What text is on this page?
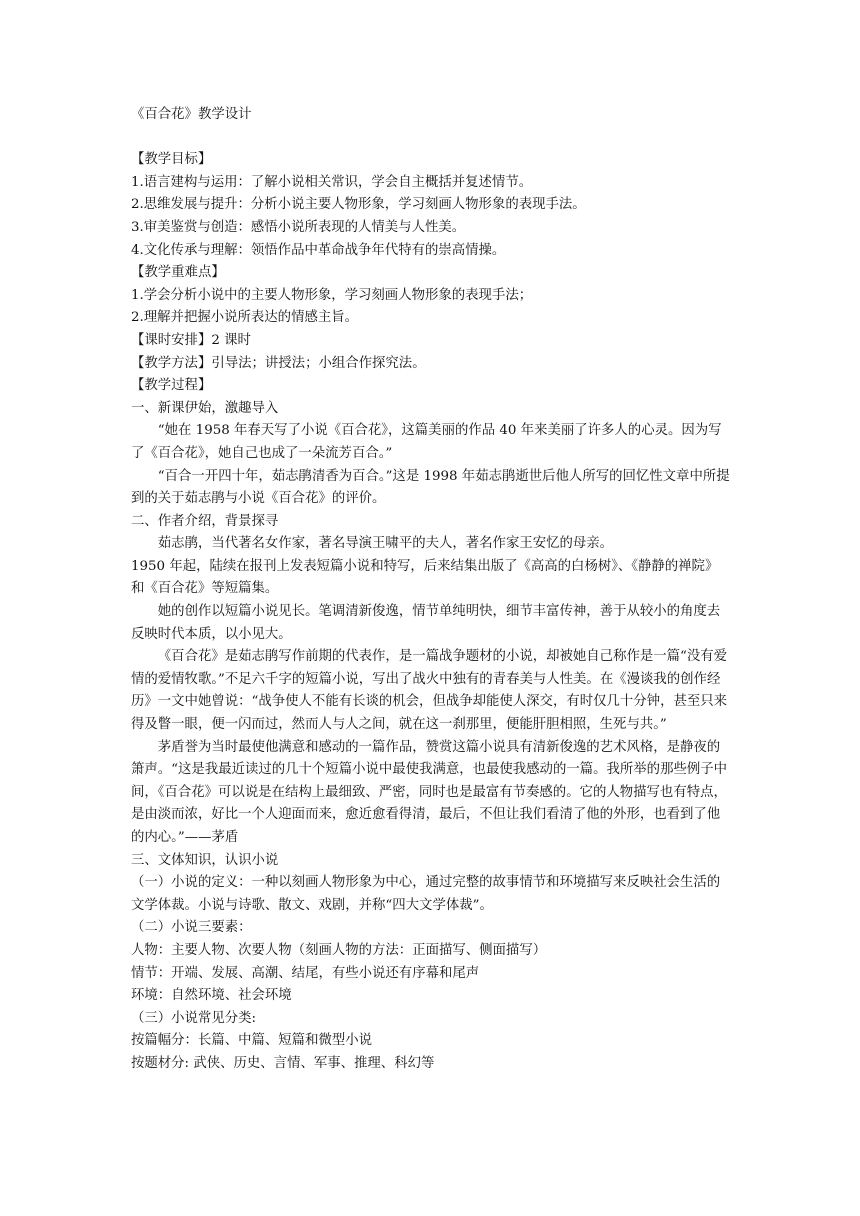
《百合花》教学设计

【教学目标】

1.语言建构与运用：了解小说相关常识，学会自主概括并复述情节。

2.思维发展与提升：分析小说主要人物形象，学习刻画人物形象的表现手法。

3.审美鉴赏与创造：感悟小说所表现的人情美与人性美。

4.文化传承与理解：领悟作品中革命战争年代特有的崇高情操。

【教学重难点】

1.学会分析小说中的主要人物形象，学习刻画人物形象的表现手法；

2.理解并把握小说所表达的情感主旨。

【课时安排】2 课时

【教学方法】引导法；讲授法；小组合作探究法。

【教学过程】

一、新课伊始，激趣导入

“她在 1958 年春天写了小说《百合花》，这篇美丽的作品 40 年来美丽了许多人的心灵。因为写了《百合花》，她自己也成了一朵流芳百合。”

“百合一开四十年，茹志鹃清香为百合。”这是 1998 年茹志鹃逝世后他人所写的回忆性文章中所提到的关于茹志鹃与小说《百合花》的评价。

二、作者介绍，背景探寻

茹志鹃，当代著名女作家，著名导演王啸平的夫人，著名作家王安忆的母亲。

1950 年起，陆续在报刊上发表短篇小说和特写，后来结集出版了《高高的白杨树》、《静静的禅院》和《百合花》等短篇集。

她的创作以短篇小说见长。笔调清新俊逸，情节单纯明快，细节丰富传神，善于从较小的角度去反映时代本质，以小见大。

《百合花》是茹志鹃写作前期的代表作，是一篇战争题材的小说，却被她自己称作是一篇“没有爱情的爱情牧歌。”不足六千字的短篇小说，写出了战火中独有的青春美与人性美。在《漫谈我的创作经历》一文中她曾说：“战争使人不能有长谈的机会，但战争却能使人深交，有时仅几十分钟，甚至只来得及瞥一眼，便一闪而过，然而人与人之间，就在这一刹那里，便能肝胆相照，生死与共。”

茅盾誉为当时最使他满意和感动的一篇作品，赞赏这篇小说具有清新俊逸的艺术风格，是静夜的箫声。“这是我最近读过的几十个短篇小说中最使我满意，也最使我感动的一篇。我所举的那些例子中间，《百合花》可以说是在结构上最细致、严密，同时也是最富有节奏感的。它的人物描写也有特点，是由淡而浓，好比一个人迎面而来，愈近愈看得清，最后，不但让我们看清了他的外形，也看到了他的内心。”——茅盾

三、文体知识，认识小说

（一）小说的定义：一种以刻画人物形象为中心，通过完整的故事情节和环境描写来反映社会生活的文学体裁。小说与诗歌、散文、戏剧，并称“四大文学体裁”。

（二）小说三要素：

人物：主要人物、次要人物（刻画人物的方法：正面描写、侧面描写）

情节：开端、发展、高潮、结尾，有些小说还有序幕和尾声

环境：自然环境、社会环境

（三）小说常见分类:

按篇幅分：长篇、中篇、短篇和微型小说

按题材分: 武侠、历史、言情、军事、推理、科幻等
